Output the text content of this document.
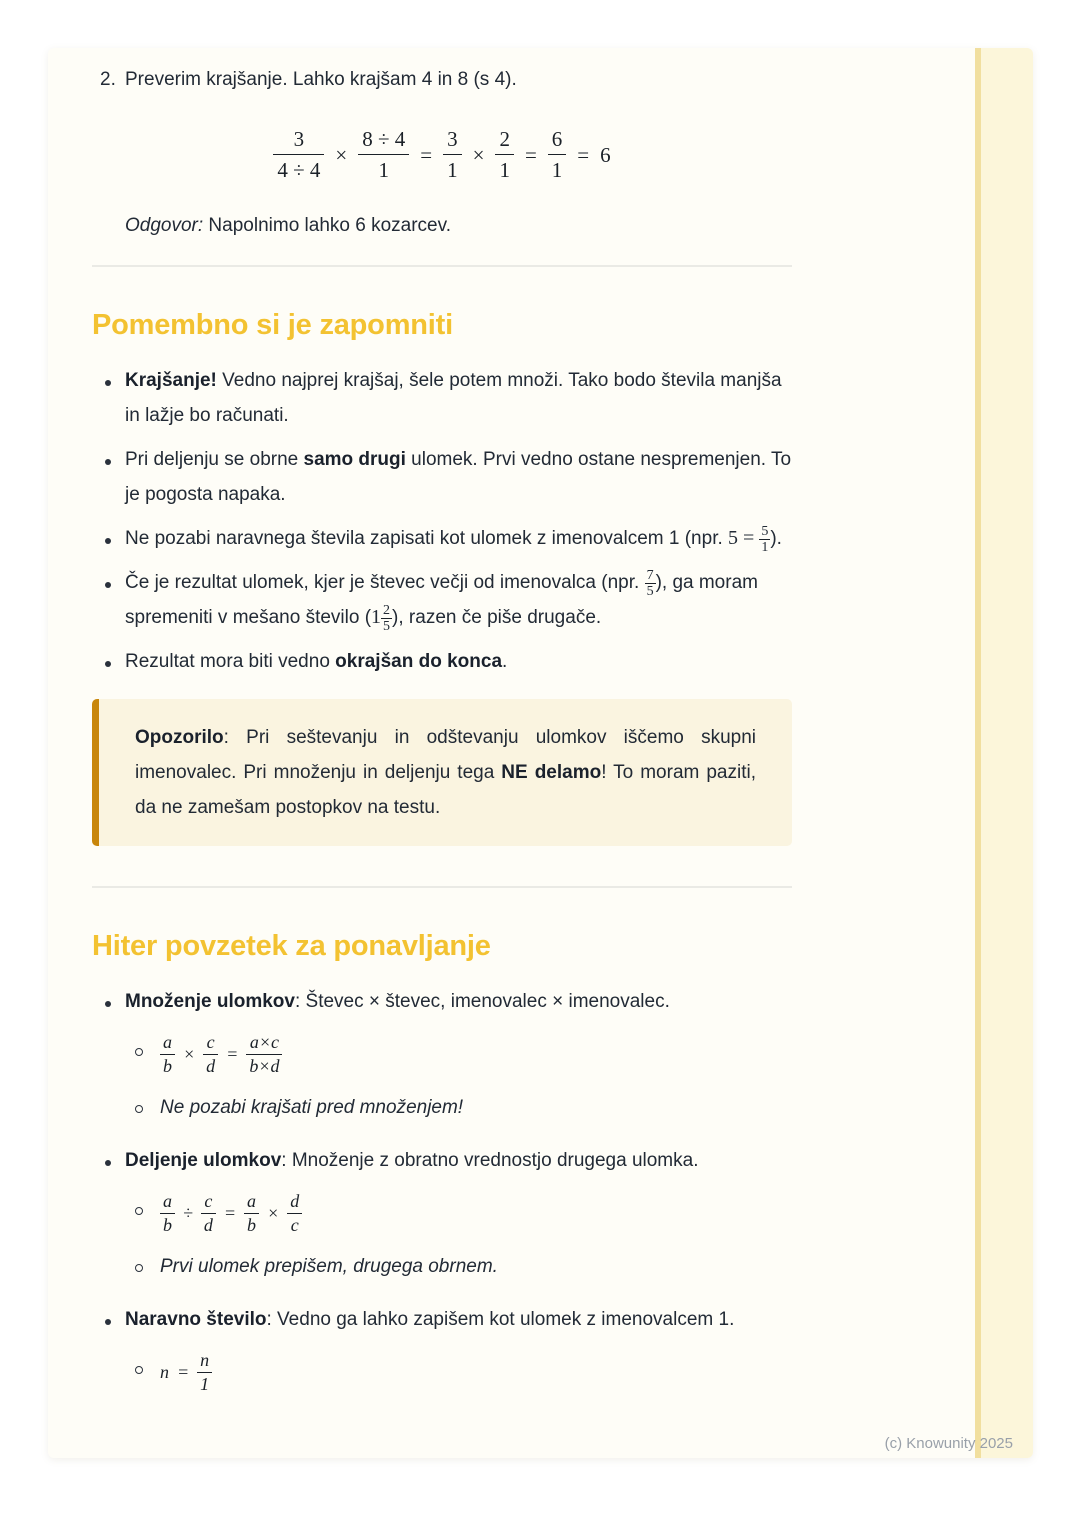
2. Preverim krajšanje. Lahko krajšam 4 in 8 (s 4).
$\frac{3}{4 \div 4} \times \frac{8 \div 4}{1} = \frac{3}{1} \times \frac{2}{1} = \frac{6}{1} = 6$

Odgovor: Napolnimo lahko 6 kozarcev.

Pomembno si je zapomniti
Krajšanje! Vedno najprej krajšaj, šele potem množi. Tako bodo števila manjša in lažje bo računati.
Pri deljenju se obrne samo drugi ulomek. Prvi vedno ostane nespremenjen. To je pogosta napaka.
Ne pozabi naravnega števila zapisati kot ulomek z imenovalcem 1 (npr. $5 = \frac{5}{1}$ ).
Če je rezultat ulomek, kjer je števec večji od imenovalca (npr. $\frac{7}{5}$ ), ga moram spremeniti v mešano število ($1 \frac{2}{5}$ ), razen če piše drugače.
Rezultat mora biti vedno okrajšan do konca.
Opozorilo: Pri seštevanju in odštevanju ulomkov iščemo skupni imenovalec. Pri množenju in deljenju tega NE delamo! To moram paziti, da ne zamešam postopkov na testu.
Hiter povzetek za ponavljanje
Množenje ulomkov: Števec × števec, imenovalec × imenovalec.
$\frac{a}{b} \times \frac{c}{d} = \frac{a\times c}{b\times d}$
Ne pozabi krajšati pred množenjem!
Deljenje ulomkov: Množenje z obratno vrednostjo drugega ulomka.
$\frac{a}{b} \div \frac{c}{d} = \frac{a}{b} \times \frac{d}{c}$
Prvi ulomek prepišem, drugega obrnem.
Naravno število: Vedno ga lahko zapišem kot ulomek z imenovalcem 1.
$n = \frac{n}{1}$
(c) Knowunity 2025
